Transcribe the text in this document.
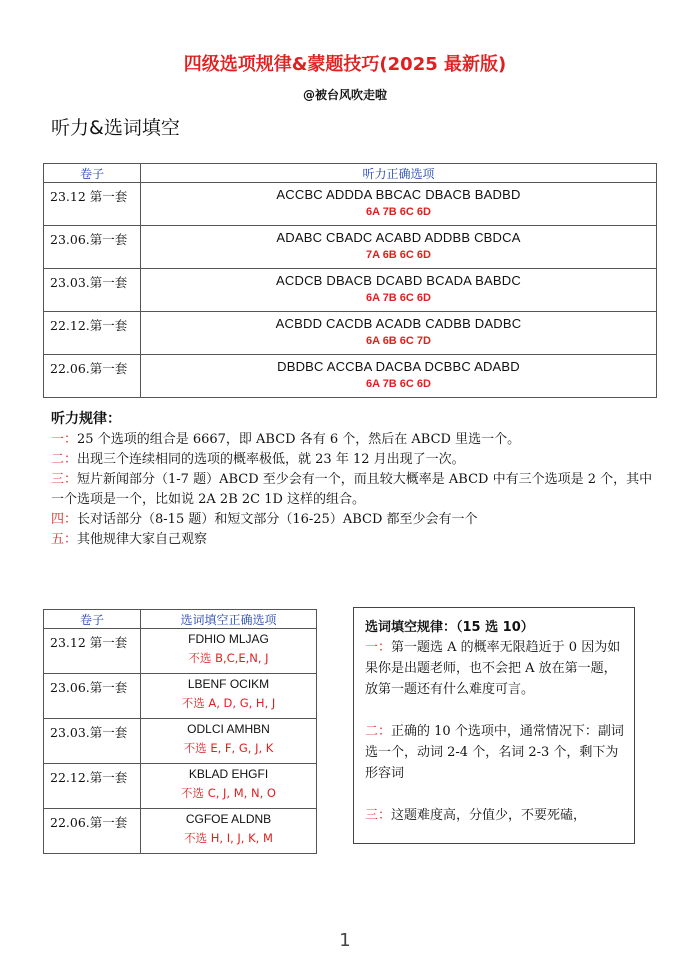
四级选项规律&蒙题技巧(2025 最新版)
@被台风吹走啦
听力&选词填空
卷子	听力正确选项
23.12 第一套	ACCBC ADDDA BBCAC DBACB BADBD
6A 7B 6C 6D

23.06.第一套	ADABC CBADC ACABD ADDBB CBDCA
7A 6B 6C 6D

23.03.第一套	ACDCB DBACB DCABD BCADA BABDC
6A 7B 6C 6D

22.12.第一套	ACBDD CACDB ACADB CADBB DADBC
6A 6B 6C 7D

22.06.第一套	DBDBC ACCBA DACBA DCBBC ADABD
6A 7B 6C 6D
听力规律：
一：25 个选项的组合是 6667，即 ABCD 各有 6 个，然后在 ABCD 里选一个。
二：出现三个连续相同的选项的概率极低，就 23 年 12 月出现了一次。
三：短片新闻部分（1-7 题）ABCD 至少会有一个，而且较大概率是 ABCD 中有三个选项是 2 个，其中一个选项是一个，比如说 2A 2B 2C 1D 这样的组合。
四：长对话部分（8-15 题）和短文部分（16-25）ABCD 都至少会有一个
五：其他规律大家自己观察
卷子	选词填空正确选项
23.12 第一套	FDHIO MLJAG
不选 B,C,E,N, J

23.06.第一套	LBENF OCIKM
不选 A, D, G, H, J

23.03.第一套	ODLCI AMHBN
不选 E, F, G, J, K

22.12.第一套	KBLAD EHGFI
不选 C, J, M, N, O

22.06.第一套	CGFOE ALDNB
不选 H, I, J, K, M
选词填空规律：（15 选 10）

一：第一题选 A 的概率无限趋近于 0 因为如果你是出题老师，也不会把 A 放在第一题，放第一题还有什么难度可言。

二：正确的 10 个选项中，通常情况下：副词选一个，动词 2-4 个，名词 2-3 个，剩下为形容词

三：这题难度高，分值少，不要死磕，

1
